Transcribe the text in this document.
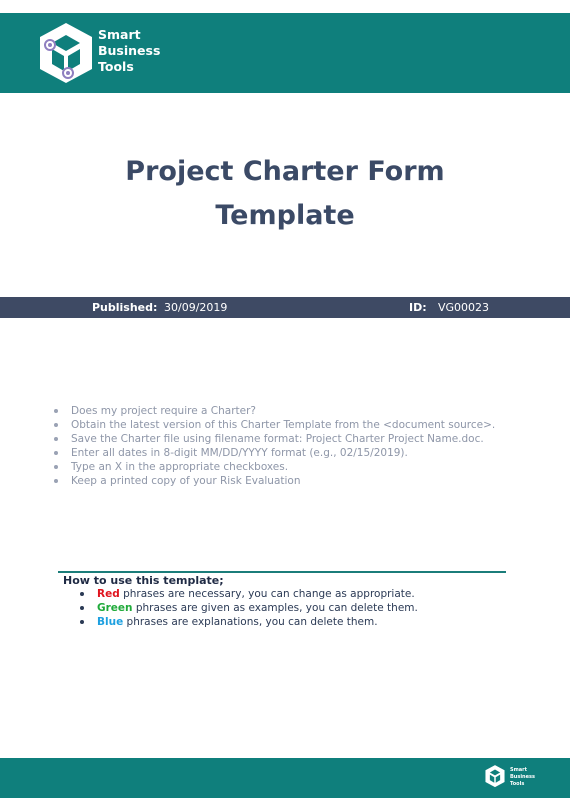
Smart
Business
Tools
Project Charter Form
Template
Published: 30/09/2019	ID: VG00023
Does my project require a Charter?
Obtain the latest version of this Charter Template from the <document source>.
Save the Charter file using filename format: Project Charter Project Name.doc.
Enter all dates in 8-digit MM/DD/YYYY format (e.g., 02/15/2019).
Type an X in the appropriate checkboxes.
Keep a printed copy of your Risk Evaluation
How to use this template;
Red phrases are necessary, you can change as appropriate.
Green phrases are given as examples, you can delete them.
Blue phrases are explanations, you can delete them.
Smart
Business
Tools
